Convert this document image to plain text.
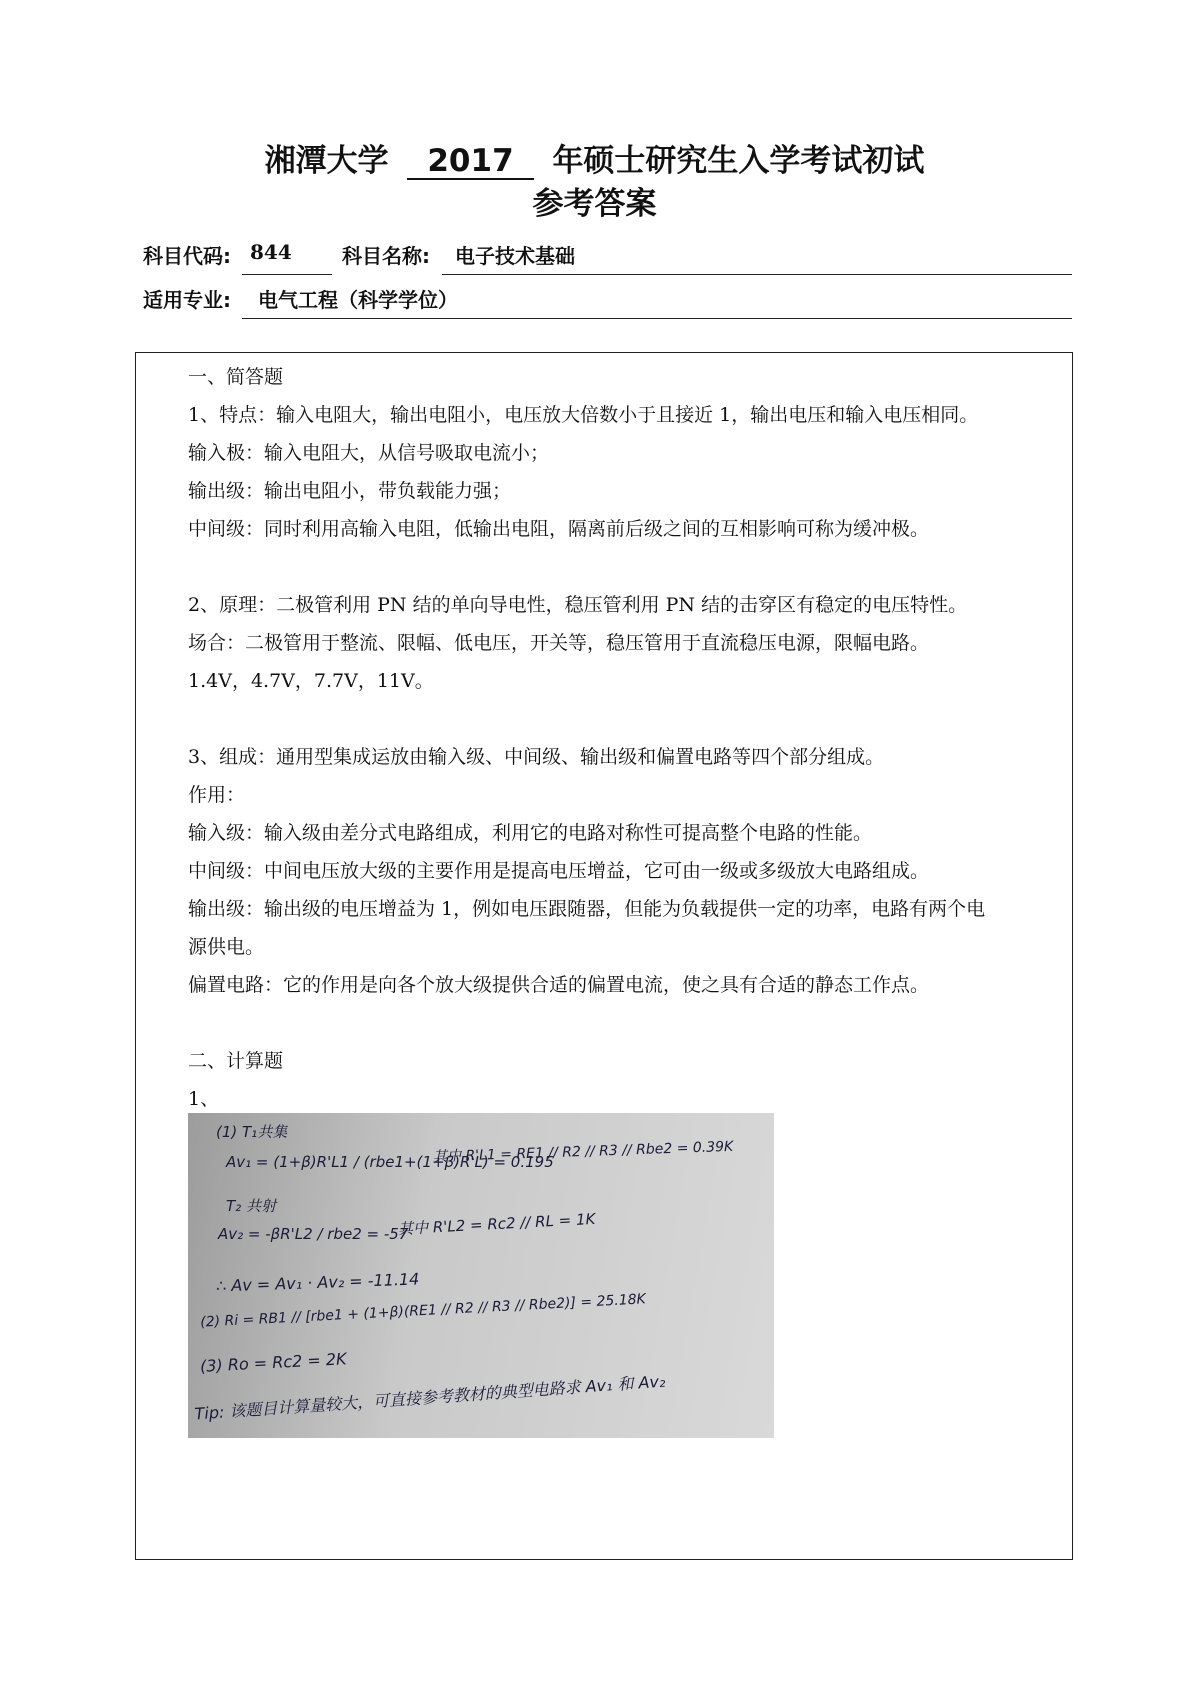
湘潭大学 2017 年硕士研究生入学考试初试
参考答案
科目代码: 844	科目名称: 电子技术基础
适用专业: 电气工程（科学学位）

一、简答题

1、特点：输入电阻大，输出电阻小，电压放大倍数小于且接近 1，输出电压和输入电压相同。

输入极：输入电阻大，从信号吸取电流小；

输出级：输出电阻小，带负载能力强；

中间级：同时利用高输入电阻，低输出电阻，隔离前后级之间的互相影响可称为缓冲极。

2、原理：二极管利用 PN 结的单向导电性，稳压管利用 PN 结的击穿区有稳定的电压特性。

场合：二极管用于整流、限幅、低电压，开关等，稳压管用于直流稳压电源，限幅电路。

1.4V，4.7V，7.7V，11V。

3、组成：通用型集成运放由输入级、中间级、输出级和偏置电路等四个部分组成。

作用：

输入级：输入级由差分式电路组成，利用它的电路对称性可提高整个电路的性能。

中间级：中间电压放大级的主要作用是提高电压增益，它可由一级或多级放大电路组成。

输出级：输出级的电压增益为 1，例如电压跟随器，但能为负载提供一定的功率，电路有两个电

源供电。

偏置电路：它的作用是向各个放大级提供合适的偏置电流，使之具有合适的静态工作点。

二、计算题

1、

(1) T₁共集
Av₁ = (1+β)R'L1 / (rbe1+(1+β)R'L) = 0.195
其中 R'L1 = RE1 // R2 // R3 // Rbe2 = 0.39K
T₂ 共射
Av₂ = -βR'L2 / rbe2 = -57
其中 R'L2 = Rc2 // RL = 1K
∴ Av = Av₁ · Av₂ = -11.14
(2) Ri = RB1 // [rbe1 + (1+β)(RE1 // R2 // R3 // Rbe2)] = 25.18K
(3) Ro = Rc2 = 2K
Tip: 该题目计算量较大，可直接参考教材的典型电路求 Av₁ 和 Av₂
